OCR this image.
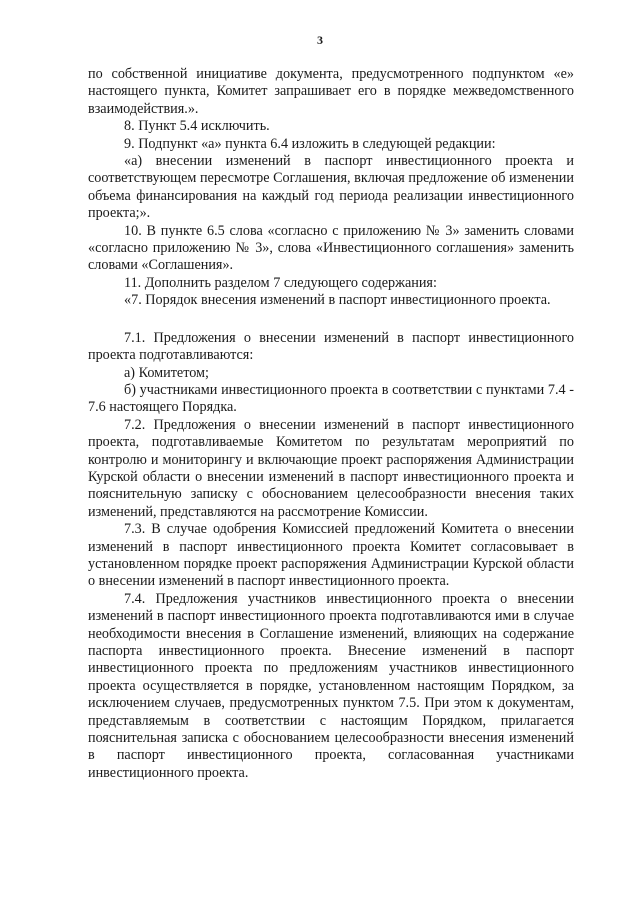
3

по собственной инициативе документа, предусмотренного подпунктом «е» настоящего пункта, Комитет запрашивает его в порядке межведомственного взаимодействия.».

8. Пункт 5.4 исключить.

9. Подпункт «а» пункта 6.4 изложить в следующей редакции:

«а) внесении изменений в паспорт инвестиционного проекта и соответствующем пересмотре Соглашения, включая предложение об изменении объема финансирования на каждый год периода реализации инвестиционного проекта;».

10. В пункте 6.5 слова «согласно с приложению № 3» заменить словами «согласно приложению № 3», слова «Инвестиционного соглашения» заменить словами «Соглашения».

11. Дополнить разделом 7 следующего содержания:

«7. Порядок внесения изменений в паспорт инвестиционного проекта.

7.1. Предложения о внесении изменений в паспорт инвестиционного проекта подготавливаются:

а) Комитетом;

б) участниками инвестиционного проекта в соответствии с пунктами 7.4 - 7.6 настоящего Порядка.

7.2. Предложения о внесении изменений в паспорт инвестиционного проекта, подготавливаемые Комитетом по результатам мероприятий по контролю и мониторингу и включающие проект распоряжения Администрации Курской области о внесении изменений в паспорт инвестиционного проекта и пояснительную записку с обоснованием целесообразности внесения таких изменений, представляются на рассмотрение Комиссии.

7.3. В случае одобрения Комиссией предложений Комитета о внесении изменений в паспорт инвестиционного проекта Комитет согласовывает в установленном порядке проект распоряжения Администрации Курской области о внесении изменений в паспорт инвестиционного проекта.

7.4. Предложения участников инвестиционного проекта о внесении изменений в паспорт инвестиционного проекта подготавливаются ими в случае необходимости внесения в Соглашение изменений, влияющих на содержание паспорта инвестиционного проекта. Внесение изменений в паспорт инвестиционного проекта по предложениям участников инвестиционного проекта осуществляется в порядке, установленном настоящим Порядком, за исключением случаев, предусмотренных пунктом 7.5. При этом к документам, представляемым в соответствии с настоящим Порядком, прилагается пояснительная записка с обоснованием целесообразности внесения изменений в паспорт инвестиционного проекта, согласованная участниками инвестиционного проекта.
